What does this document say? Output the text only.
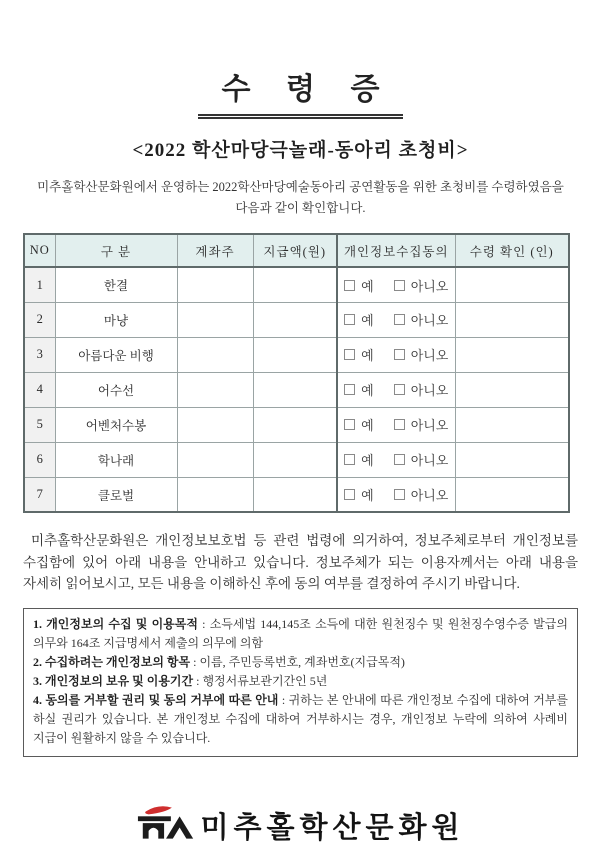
수 령 증
<2022 학산마당극놀래-동아리 초청비>
미추홀학산문화원에서 운영하는 2022학산마당예술동아리 공연활동을 위한 초청비를 수령하였음을
다음과 같이 확인합니다.
NO	구 분	계좌주	지급액(원)	개인정보수집동의	수령 확인 (인)
1	한결			예 아니오	

2	마냥			예 아니오	

3	아름다운 비행			예 아니오	

4	어수선			예 아니오	

5	어벤처수봉			예 아니오	

6	학나래			예 아니오	

7	클로벌			예 아니오	

미추홀학산문화원은 개인정보보호법 등 관련 법령에 의거하여, 정보주체로부터 개인정보를 수집함에 있어 아래 내용을 안내하고 있습니다. 정보주체가 되는 이용자께서는 아래 내용을 자세히 읽어보시고, 모든 내용을 이해하신 후에 동의 여부를 결정하여 주시기 바랍니다.
1. 개인정보의 수집 및 이용목적 : 소득세법 144,145조 소득에 대한 원천징수 및 원천징수영수증 발급의 의무와 164조 지급명세서 제출의 의무에 의함
2. 수집하려는 개인정보의 항목 : 이름, 주민등록번호, 계좌번호(지급목적)
3. 개인정보의 보유 및 이용기간 : 행정서류보관기간인 5년
4. 동의를 거부할 권리 및 동의 거부에 따른 안내 : 귀하는 본 안내에 따른 개인정보 수집에 대하여 거부를 하실 권리가 있습니다. 본 개인정보 수집에 대하여 거부하시는 경우, 개인정보 누락에 의하여 사례비 지급이 원활하지 않을 수 있습니다.
미추홀학산문화원
